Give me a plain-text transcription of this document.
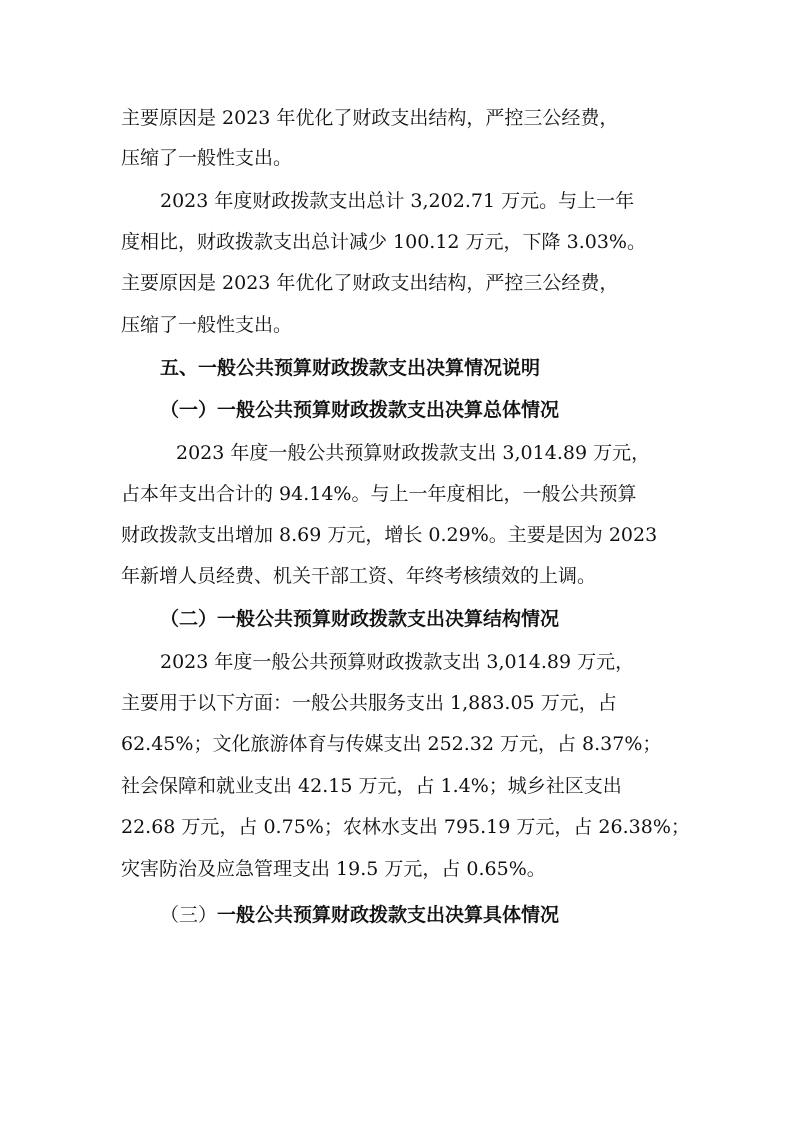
主要原因是 2023 年优化了财政支出结构，严控三公经费，
压缩了一般性支出。
2023 年度财政拨款支出总计 3,202.71 万元。与上一年
度相比，财政拨款支出总计减少 100.12 万元，下降 3.03%。
主要原因是 2023 年优化了财政支出结构，严控三公经费，
压缩了一般性支出。
五、一般公共预算财政拨款支出决算情况说明
（一）一般公共预算财政拨款支出决算总体情况
2023 年度一般公共预算财政拨款支出 3,014.89 万元，
占本年支出合计的 94.14%。与上一年度相比，一般公共预算
财政拨款支出增加 8.69 万元，增长 0.29%。主要是因为 2023
年新增人员经费、机关干部工资、年终考核绩效的上调。
（二）一般公共预算财政拨款支出决算结构情况
2023 年度一般公共预算财政拨款支出 3,014.89 万元，
主要用于以下方面：一般公共服务支出 1,883.05 万元，占
62.45%；文化旅游体育与传媒支出 252.32 万元，占 8.37%；
社会保障和就业支出 42.15 万元，占 1.4%；城乡社区支出
22.68 万元，占 0.75%；农林水支出 795.19 万元，占 26.38%；
灾害防治及应急管理支出 19.5 万元，占 0.65%。
（三）一般公共预算财政拨款支出决算具体情况
